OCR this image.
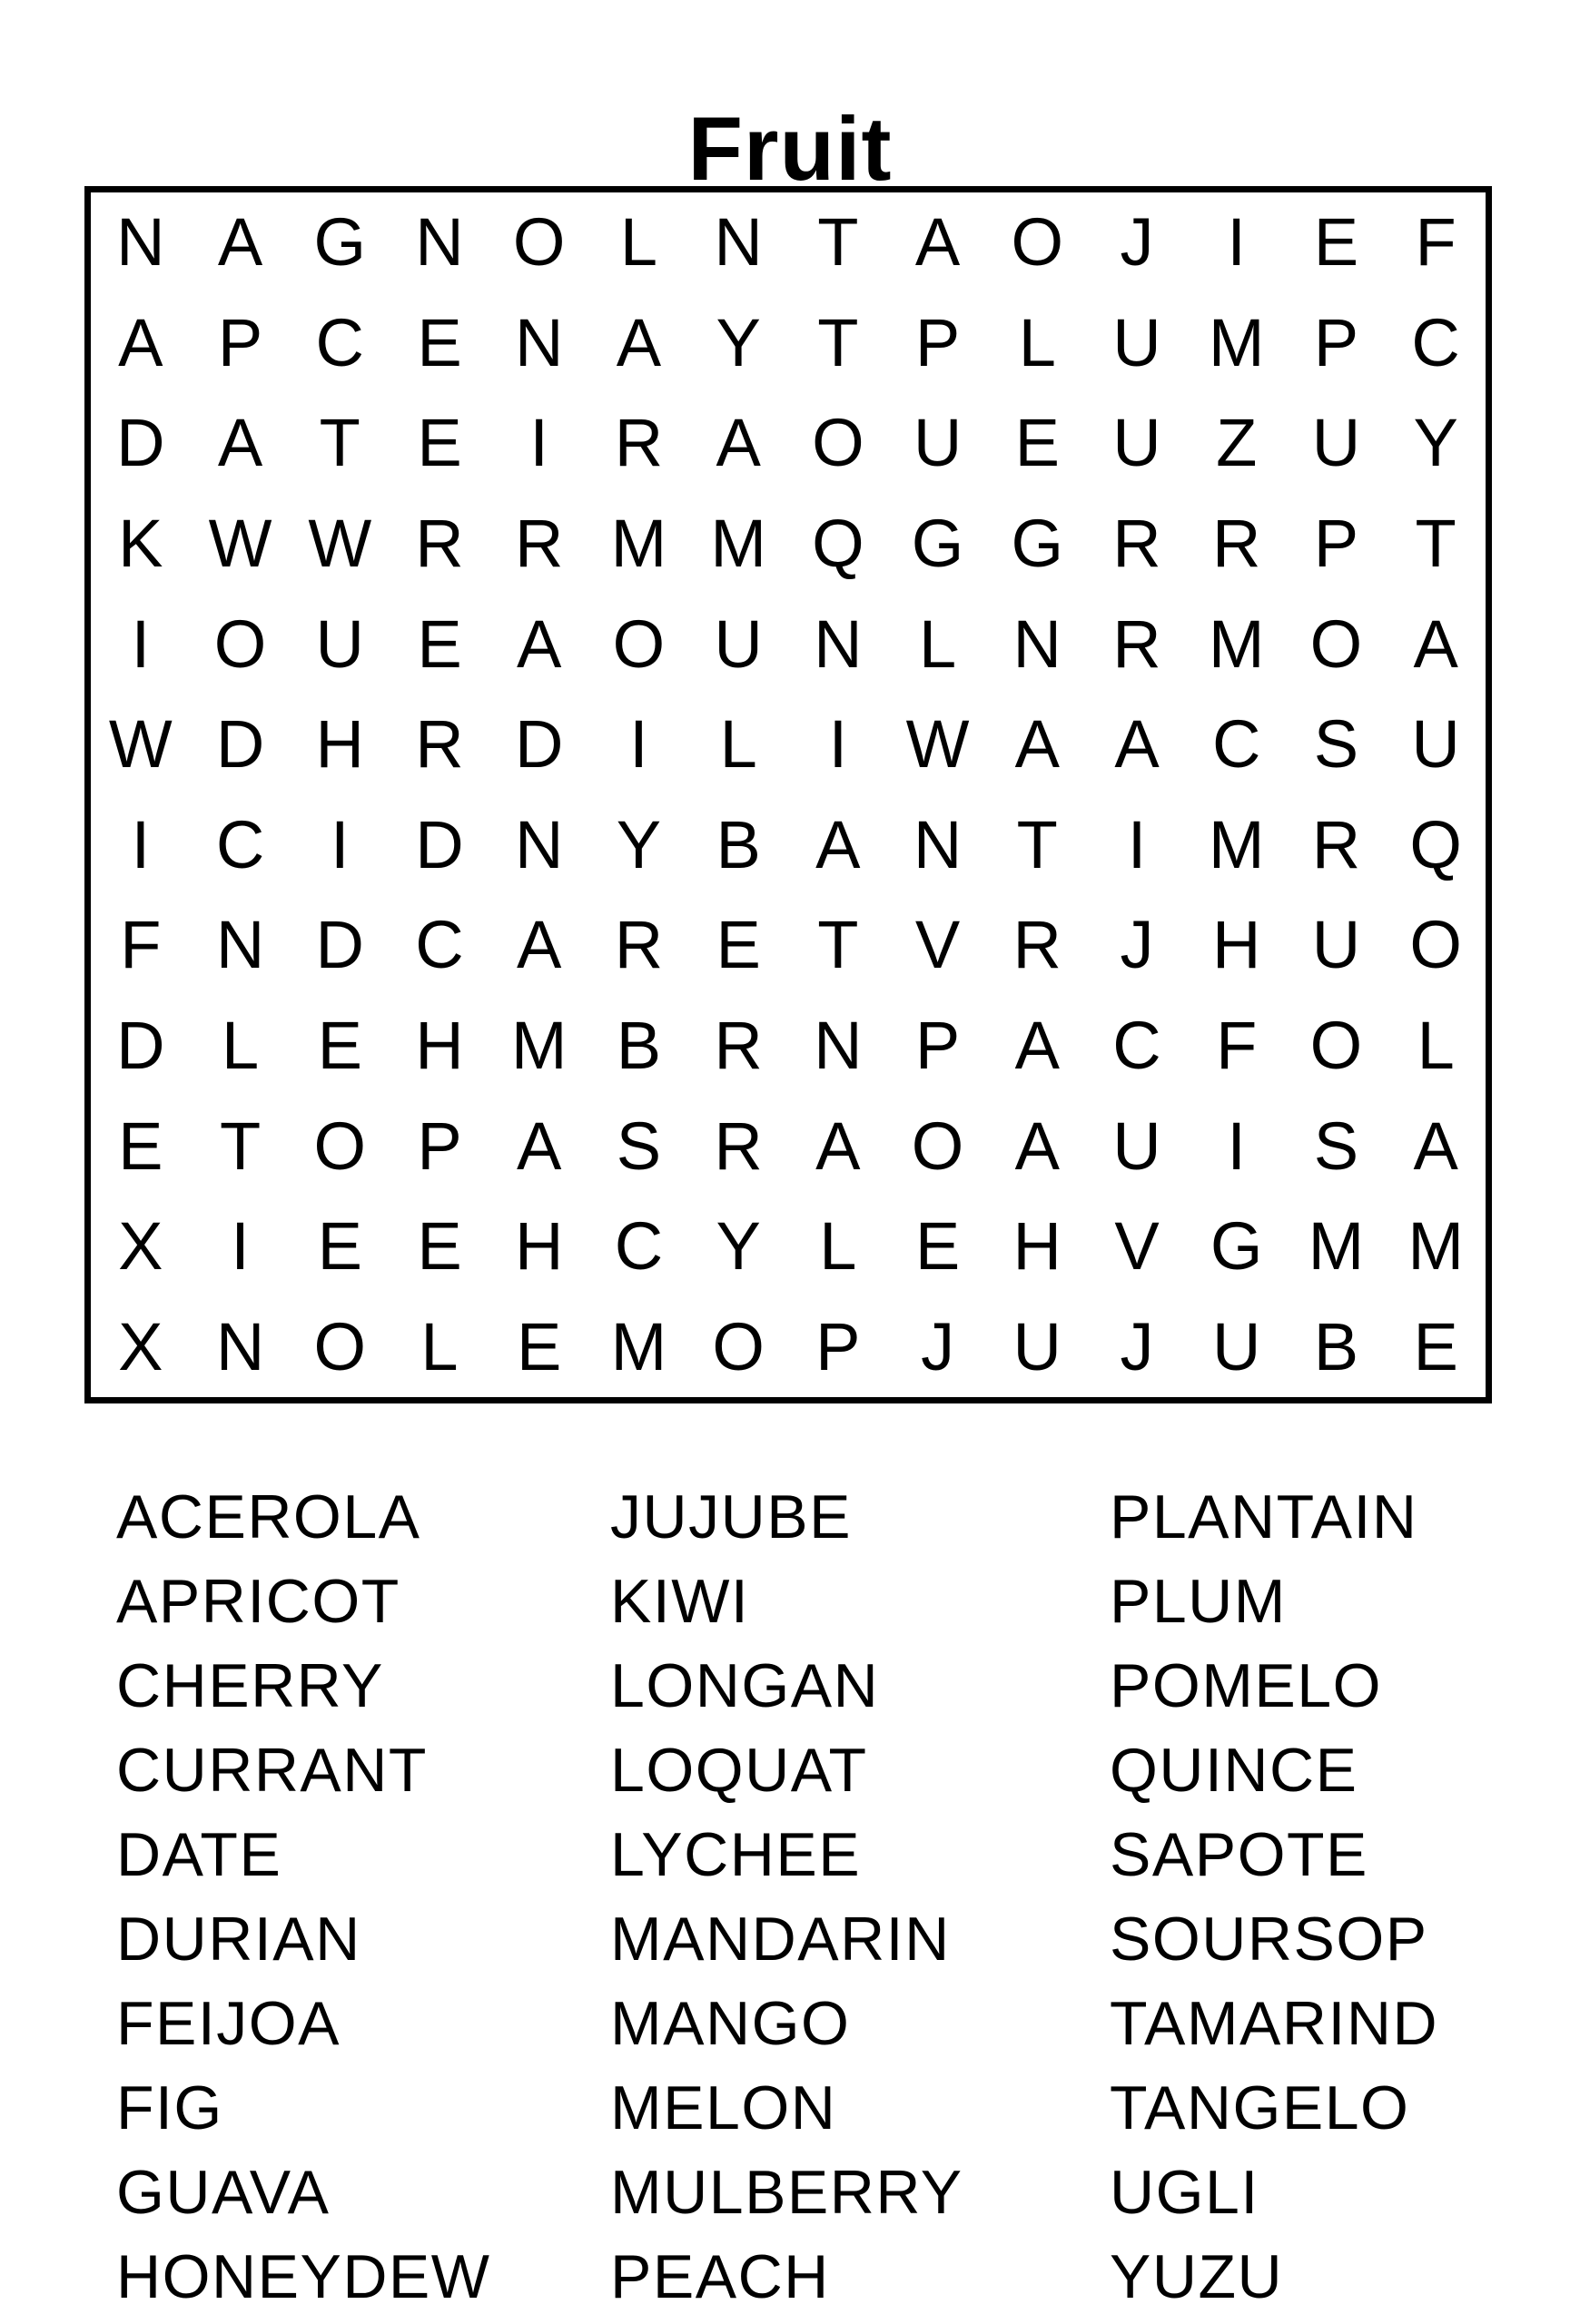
Fruit
N A G N O L N T A O J	I	E F
A P C E N A Y T P L U M P C
D A T E	I R A O U E U Z U Y
K W W R R M M Q G G R R P T
I O U E A O U N L N R M O A
W D H R D I	L	I W A A C S U
I C I D N Y B A N T	I M R Q
F N D C A R E T V R J H U O
D L E H M B R N P A C F O L
E T O P A S R A O A U I	S A
X	I	E E H C Y L E H V G M M
X N O L E M O P J U J U B E
ACEROLA
APRICOT
CHERRY
CURRANT
DATE
DURIAN
FEIJOA
FIG
GUAVA
HONEYDEW
JUJUBE
KIWI
LONGAN
LOQUAT
LYCHEE
MANDARIN
MANGO
MELON
MULBERRY
PEACH
PLANTAIN
PLUM
POMELO
QUINCE
SAPOTE
SOURSOP
TAMARIND
TANGELO
UGLI
YUZU
